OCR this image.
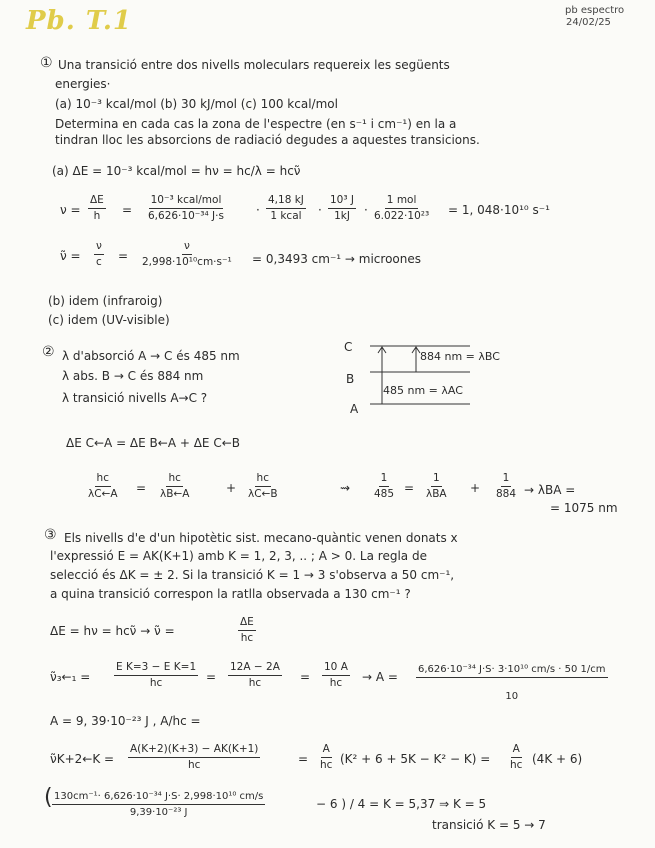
Pb. T.1	pb espectro
24/02/25
① Una transició entre dos nivells moleculars requereix les següents
energies·
(a) 10⁻³ kcal/mol (b) 30 kJ/mol (c) 100 kcal/mol
Determina en cada cas la zona de l'espectre (en s⁻¹ i cm⁻¹) en la a
tindran lloc les absorcions de radiació degudes a aquestes transicions.
(a) ΔE = 10⁻³ kcal/mol = hν = hc/λ = hcν̃
$\nu = \frac{\Delta E}{h}$ =
10⁻³ kcal/mol
6,626·10⁻³⁴ J·s	·
4,18 kJ
1 kcal · $\frac{\text{10³ J}}{1kJ}$ ·
1 mol
6.022·10²³ = 1, 048·10¹⁰ s⁻¹
ν̃ = $\frac{\nu}{c} = \frac{\nu}{\text{2,998·10¹⁰cm·s⁻¹}} = 0,3493$ cm⁻¹ → microones
(b) idem (infraroig)
(c) idem (UV-visible)
② λ d'absorció A → C és 485 nm
λ abs. B → C és 884 nm
λ transició nivells A→C ?
C
B
A
884 nm = λBC
485 nm = λAC
ΔE C←A = ΔE B←A + ΔE C←B
$\frac{hc}{\lambda C\leftarrow A} = \frac{hc}{\lambda B\leftarrow A}$	+ $\frac{hc}{\lambda C\leftarrow B}$	⇝ $\frac{1}{485}$ =
1
$\lambda BA + \frac{1}{884} \to \lambda BA$ =
= 1075 nm
③ Els nivells d'e d'un hipotètic sist. mecano-quàntic venen donats x
l'expressió E = AK(K+1) amb K = 1, 2, 3, .. ; A > 0. La regla de
selecció és ΔK = ± 2. Si la transició K = 1 → 3 s'observa a 50 cm⁻¹,
a quina transició correspon la ratlla observada a 130 cm⁻¹ ?
ΔE = hν = hcν̃ → ν̃ =	$\frac{\Delta E}{hc}$
ν̃₃←₁ = $\frac{\text{E K=3 − E K=1}}{hc} = \frac{12A - 2A}{hc} = \frac{10 A}{hc} \to A = \frac{\text{6,626·10⁻³⁴ J·S· 3·10¹⁰ cm/s · 50 1/cm}}{10}$
A = 9, 39·10⁻²³ J , A/hc =
ν̃K+2←K = $\frac{A(K+2)(K+3) - AK(K+1)}{hc}$	= $\frac{A}{hc} (K^2 + 6 + 5K - K^2 - K) = \frac{A}{hc} (4K + 6)$
( $\frac{\text{130cm⁻¹· 6,626·10⁻³⁴ J·S· 2,998·10¹⁰ cm/s}}{\text{9,39·10⁻²³ J}}$	− 6 ) / 4 = K = 5,37 ⇒ K = 5
transició K = 5 → 7
